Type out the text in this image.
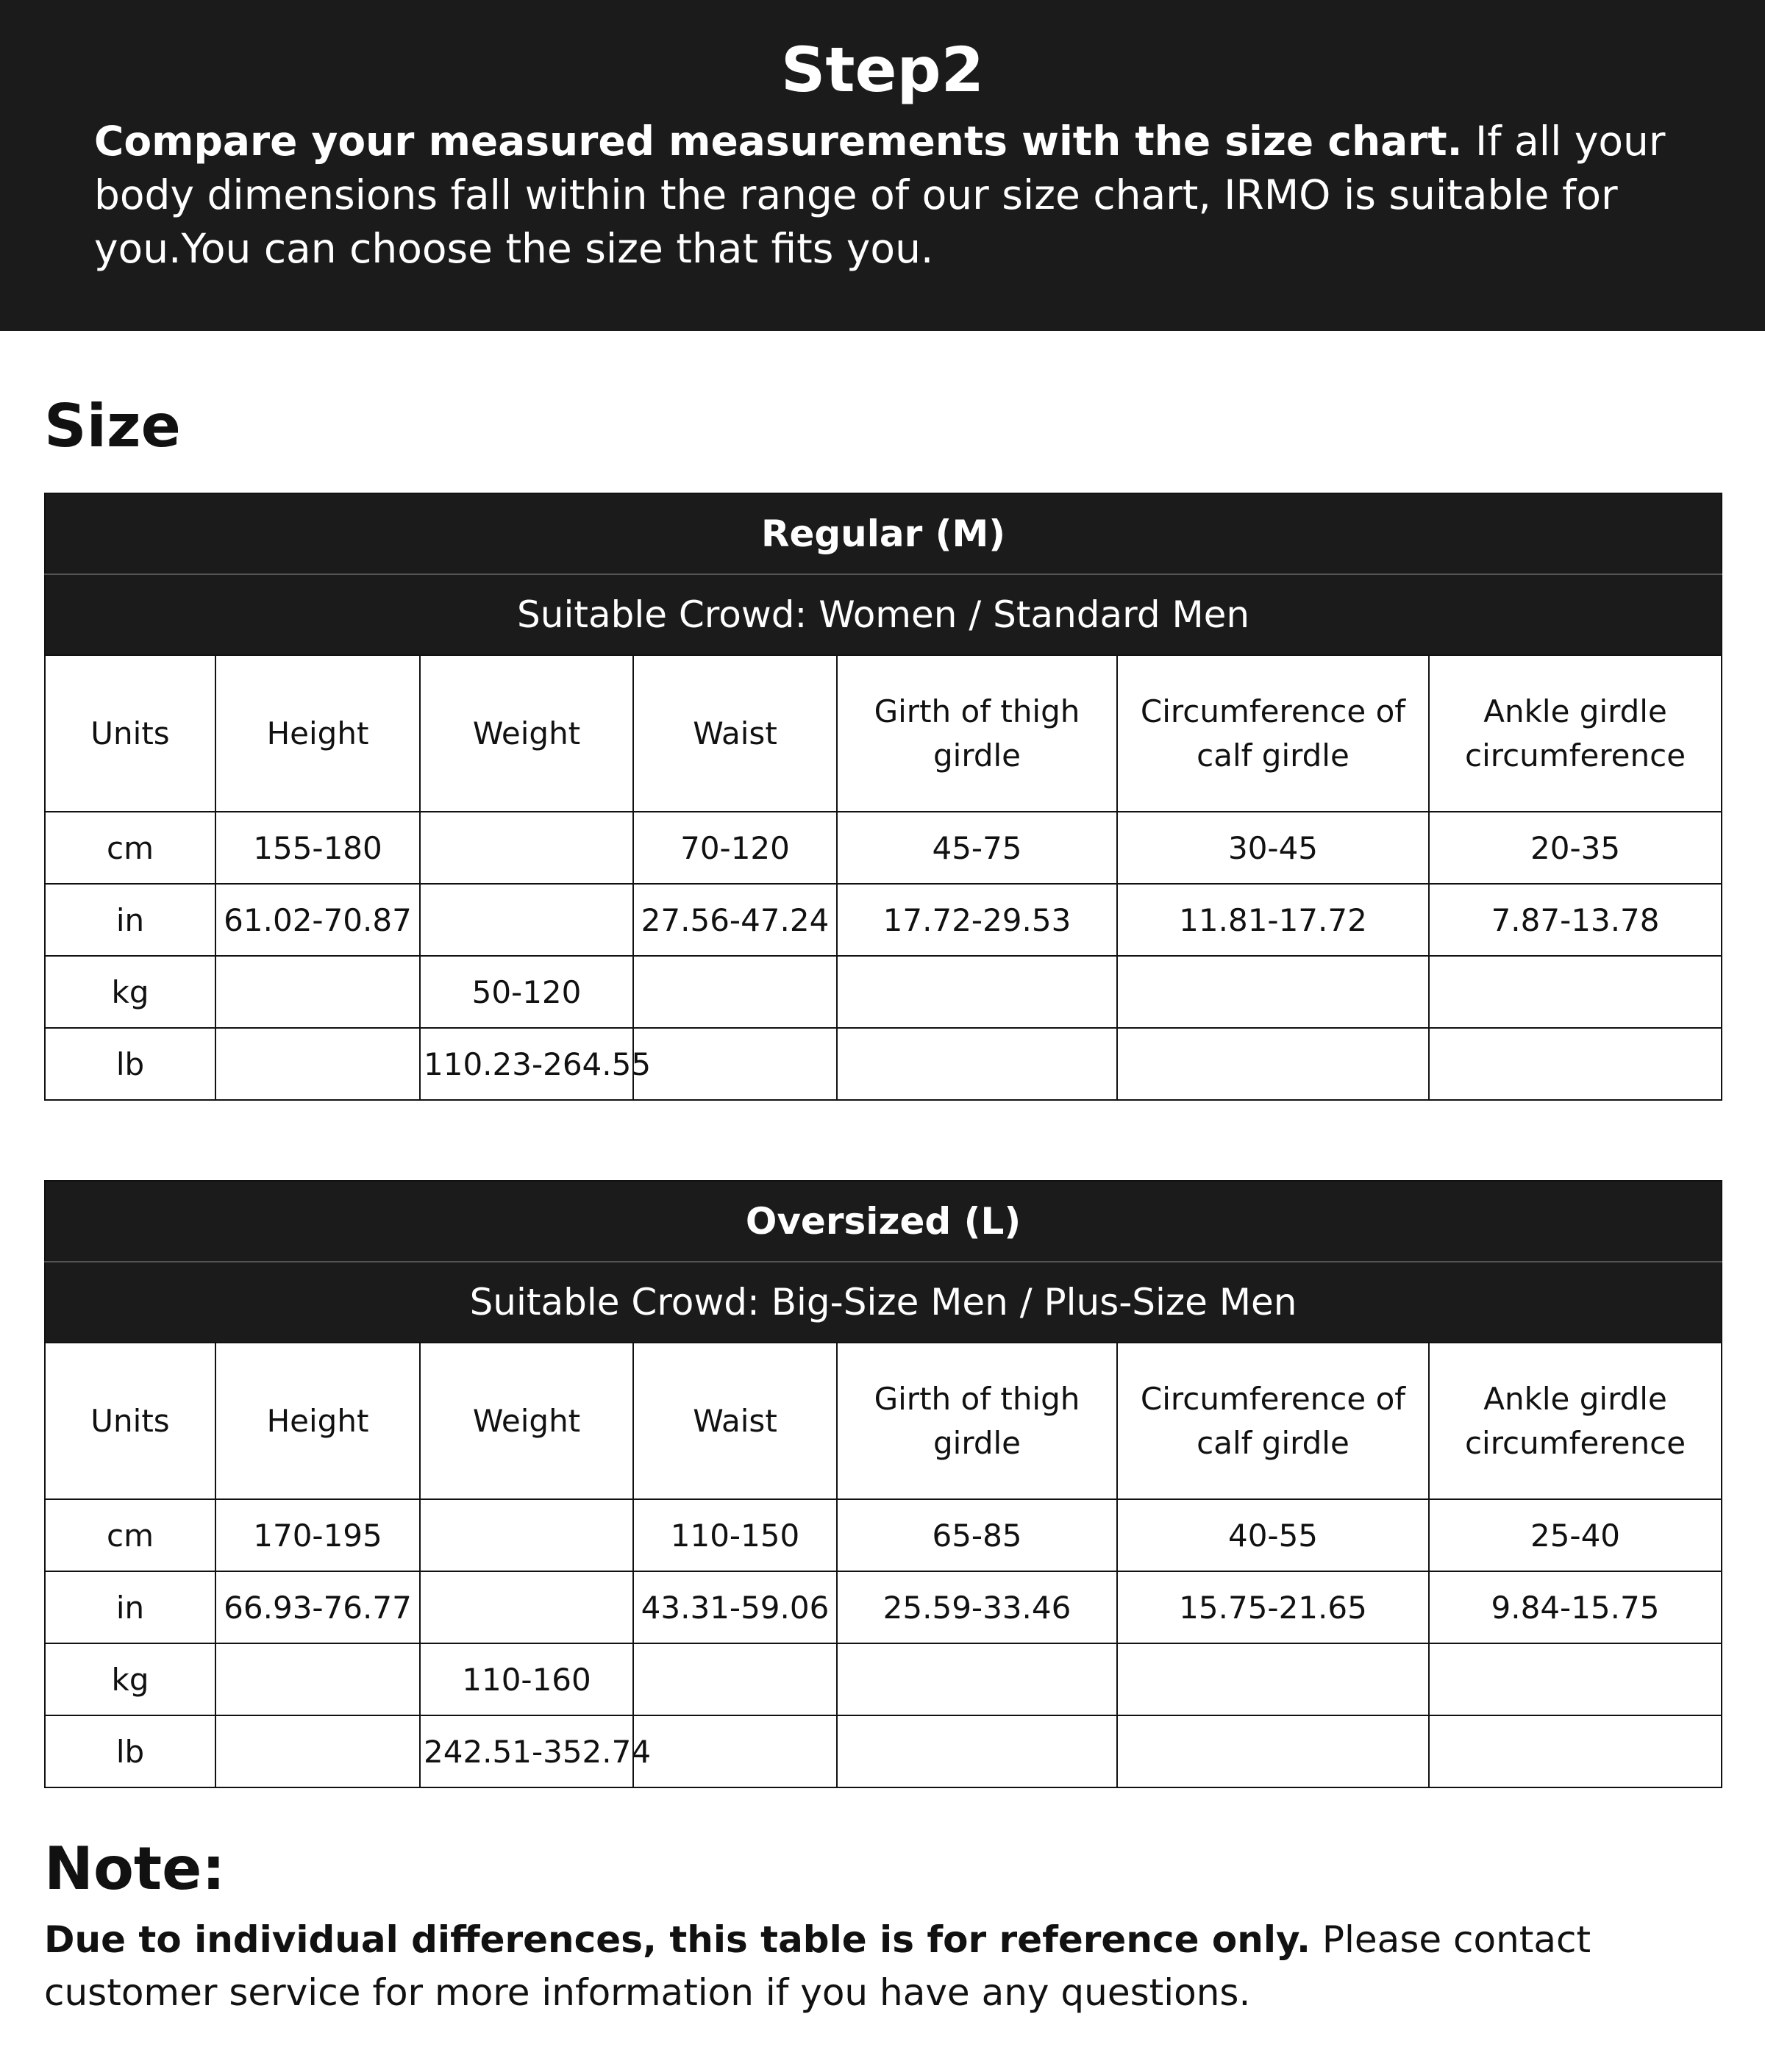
Step2

Compare your measured measurements with the size chart. If all your body dimensions fall within the range of our size chart, IRMO is suitable for you.You can choose the size that fits you.

Size
Regular (M)						
Suitable Crowd: Women / Standard Men						
Units	Height	Weight	Waist	Girth of thigh girdle	Circumference of calf girdle	Ankle girdle circumference
cm	155-180		70-120	45-75	30-45	20-35
in	61.02-70.87		27.56-47.24	17.72-29.53	11.81-17.72	7.87-13.78
kg		50-120				
lb		110.23-264.55				
Oversized (L)						
Suitable Crowd: Big-Size Men / Plus-Size Men						
Units	Height	Weight	Waist	Girth of thigh girdle	Circumference of calf girdle	Ankle girdle circumference
cm	170-195		110-150	65-85	40-55	25-40
in	66.93-76.77		43.31-59.06	25.59-33.46	15.75-21.65	9.84-15.75
kg		110-160				
lb		242.51-352.74				
Note:
Due to individual differences, this table is for reference only. Please contact customer service for more information if you have any questions.
